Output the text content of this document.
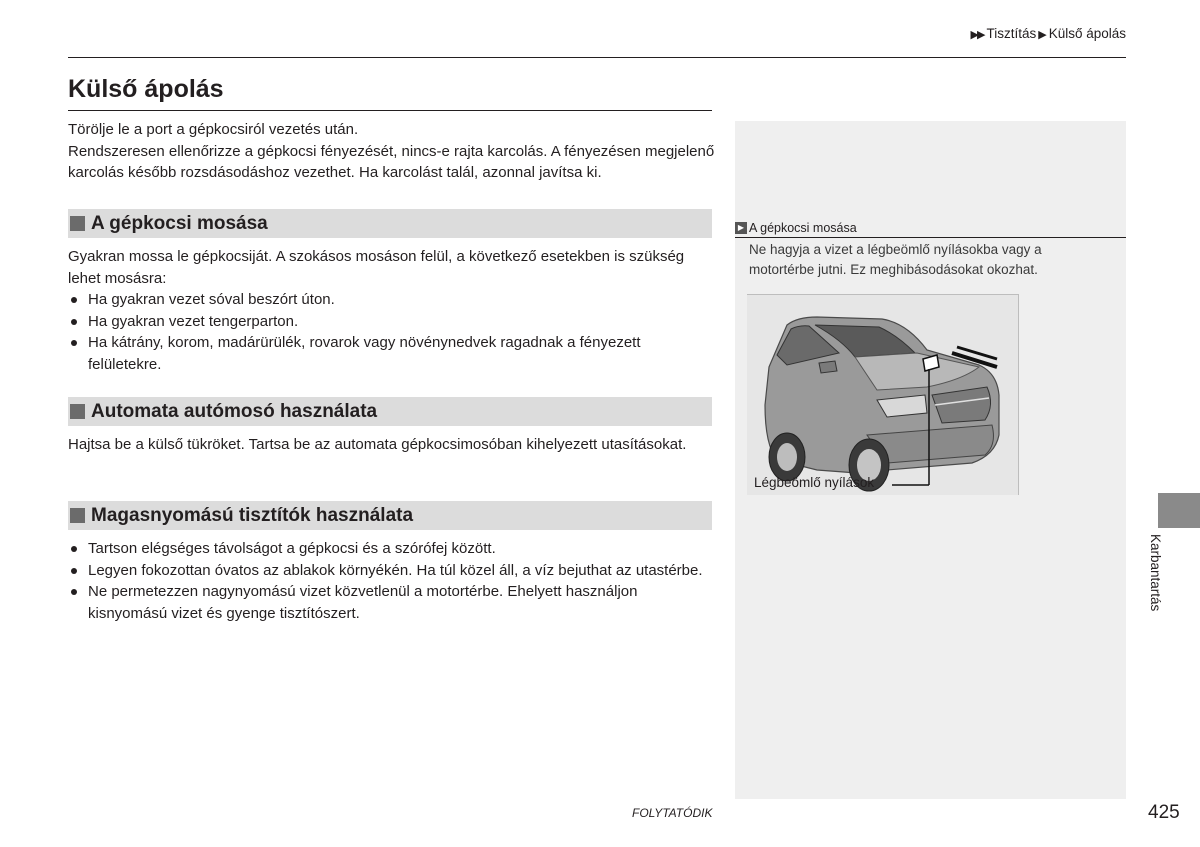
▶▶ Tisztítás ▶ Külső ápolás
Külső ápolás

Törölje le a port a gépkocsiról vezetés után.

Rendszeresen ellenőrizze a gépkocsi fényezését, nincs-e rajta karcolás. A fényezésen megjelenő karcolás később rozsdásodáshoz vezethet. Ha karcolást talál, azonnal javítsa ki.

A gépkocsi mosása

Gyakran mossa le gépkocsiját. A szokásos mosáson felül, a következő esetekben is szükség lehet mosásra:

Ha gyakran vezet sóval beszórt úton.
Ha gyakran vezet tengerparton.
Ha kátrány, korom, madárürülék, rovarok vagy növénynedvek ragadnak a fényezett felületekre.
Automata autómosó használata

Hajtsa be a külső tükröket. Tartsa be az automata gépkocsimosóban kihelyezett utasításokat.

Magasnyomású tisztítók használata
Tartson elégséges távolságot a gépkocsi és a szórófej között.
Legyen fokozottan óvatos az ablakok környékén. Ha túl közel áll, a víz bejuthat az utastérbe.
Ne permetezzen nagynyomású vizet közvetlenül a motortérbe. Ehelyett használjon kisnyomású vizet és gyenge tisztítószert.
▶ A gépkocsi mosása
Ne hagyja a vizet a légbeömlő nyílásokba vagy a motortérbe jutni. Ez meghibásodásokat okozhat.
Légbeömlő nyílások
Karbantartás
FOLYTATÓDIK	425
